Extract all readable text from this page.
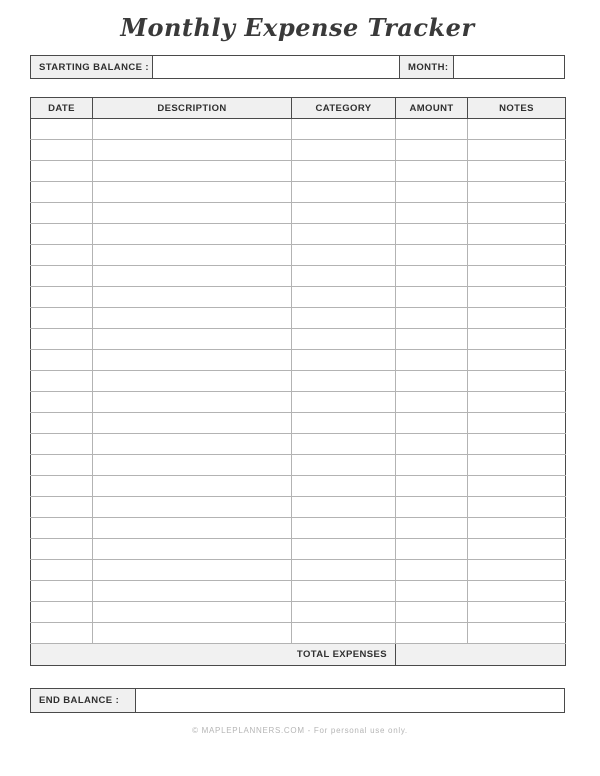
Monthly Expense Tracker
STARTING BALANCE :	MONTH:
DATE	DESCRIPTION	CATEGORY	AMOUNT	NOTES

TOTAL EXPENSES				
END BALANCE :
© MAPLEPLANNERS.COM - For personal use only.
